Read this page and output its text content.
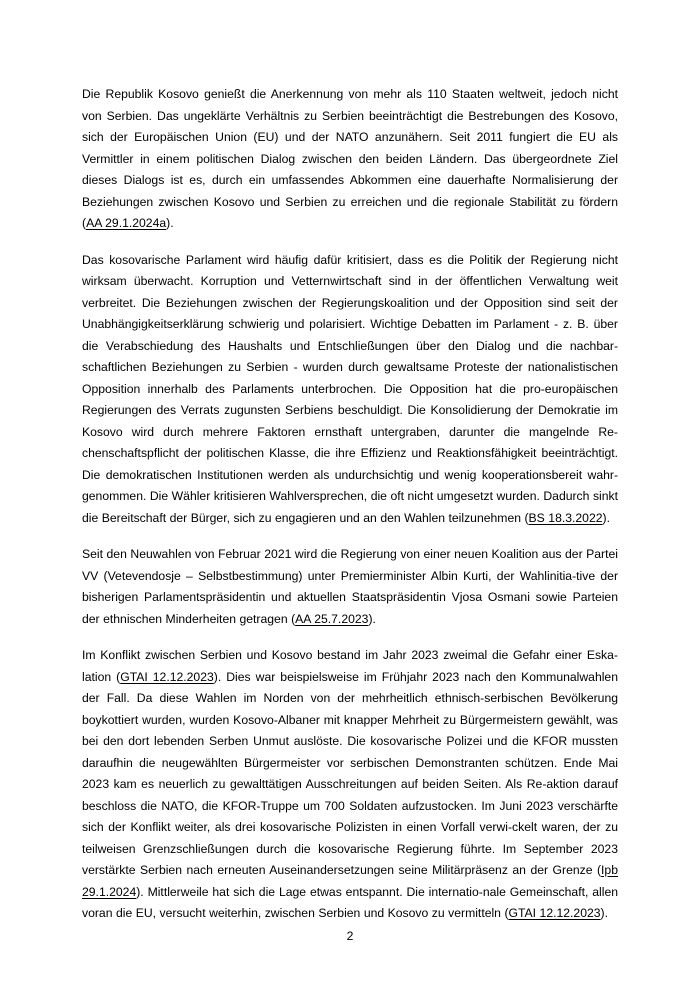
Die Republik Kosovo genießt die Anerkennung von mehr als 110 Staaten weltweit, jedoch nicht von Serbien. Das ungeklärte Verhältnis zu Serbien beeinträchtigt die Bestrebungen des Kosovo, sich der Europäischen Union (EU) und der NATO anzunähern. Seit 2011 fungiert die EU als Vermittler in einem politischen Dialog zwischen den beiden Ländern. Das übergeordnete Ziel dieses Dialogs ist es, durch ein umfassendes Abkommen eine dauerhafte Normalisierung der Beziehungen zwischen Kosovo und Serbien zu erreichen und die regionale Stabilität zu fördern (AA 29.1.2024a).

Das kosovarische Parlament wird häufig dafür kritisiert, dass es die Politik der Regierung nicht wirksam überwacht. Korruption und Vetternwirtschaft sind in der öffentlichen Verwaltung weit verbreitet. Die Beziehungen zwischen der Regierungskoalition und der Opposition sind seit der Unabhängigkeitserklärung schwierig und polarisiert. Wichtige Debatten im Parlament - z. B. über die Verabschiedung des Haushalts und Entschließungen über den Dialog und die nachbar-schaftlichen Beziehungen zu Serbien - wurden durch gewaltsame Proteste der nationalistischen Opposition innerhalb des Parlaments unterbrochen. Die Opposition hat die pro-europäischen Regierungen des Verrats zugunsten Serbiens beschuldigt. Die Konsolidierung der Demokratie im Kosovo wird durch mehrere Faktoren ernsthaft untergraben, darunter die mangelnde Re-chenschaftspflicht der politischen Klasse, die ihre Effizienz und Reaktionsfähigkeit beeinträchtigt. Die demokratischen Institutionen werden als undurchsichtig und wenig kooperationsbereit wahr-genommen. Die Wähler kritisieren Wahlversprechen, die oft nicht umgesetzt wurden. Dadurch sinkt die Bereitschaft der Bürger, sich zu engagieren und an den Wahlen teilzunehmen (BS 18.3.2022).

Seit den Neuwahlen von Februar 2021 wird die Regierung von einer neuen Koalition aus der Partei VV (Vetevendosje – Selbstbestimmung) unter Premierminister Albin Kurti, der Wahlinitia-tive der bisherigen Parlamentspräsidentin und aktuellen Staatspräsidentin Vjosa Osmani sowie Parteien der ethnischen Minderheiten getragen (AA 25.7.2023).

Im Konflikt zwischen Serbien und Kosovo bestand im Jahr 2023 zweimal die Gefahr einer Eska-lation (GTAI 12.12.2023). Dies war beispielsweise im Frühjahr 2023 nach den Kommunalwahlen der Fall. Da diese Wahlen im Norden von der mehrheitlich ethnisch-serbischen Bevölkerung boykottiert wurden, wurden Kosovo-Albaner mit knapper Mehrheit zu Bürgermeistern gewählt, was bei den dort lebenden Serben Unmut auslöste. Die kosovarische Polizei und die KFOR mussten daraufhin die neugewählten Bürgermeister vor serbischen Demonstranten schützen. Ende Mai 2023 kam es neuerlich zu gewalttätigen Ausschreitungen auf beiden Seiten. Als Re-aktion darauf beschloss die NATO, die KFOR-Truppe um 700 Soldaten aufzustocken. Im Juni 2023 verschärfte sich der Konflikt weiter, als drei kosovarische Polizisten in einen Vorfall verwi-ckelt waren, der zu teilweisen Grenzschließungen durch die kosovarische Regierung führte. Im September 2023 verstärkte Serbien nach erneuten Auseinandersetzungen seine Militärpräsenz an der Grenze (Ipb 29.1.2024). Mittlerweile hat sich die Lage etwas entspannt. Die internatio-nale Gemeinschaft, allen voran die EU, versucht weiterhin, zwischen Serbien und Kosovo zu vermitteln (GTAI 12.12.2023).

2
